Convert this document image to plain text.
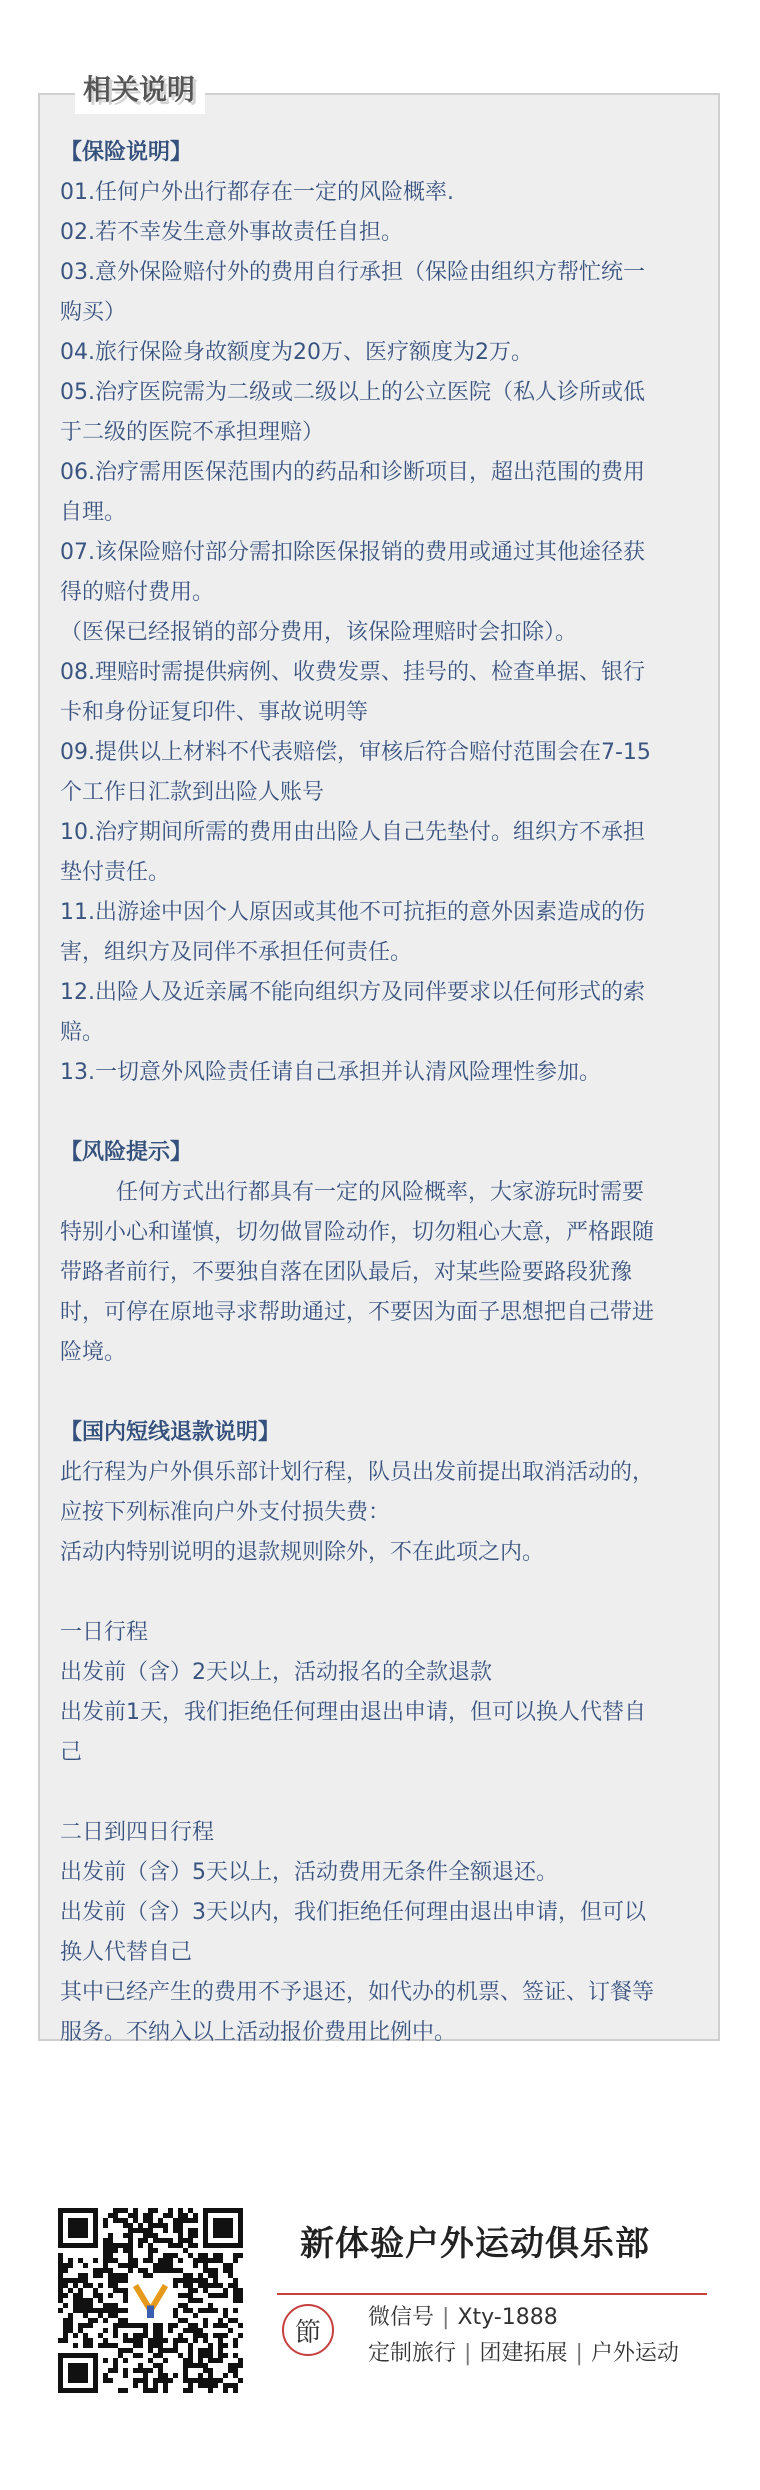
相关说明

【保险说明】

01.任何户外出行都存在一定的风险概率.

02.若不幸发生意外事故责任自担。

03.意外保险赔付外的费用自行承担（保险由组织方帮忙统一

购买）

04.旅行保险身故额度为20万、医疗额度为2万。

05.治疗医院需为二级或二级以上的公立医院（私人诊所或低

于二级的医院不承担理赔）

06.治疗需用医保范围内的药品和诊断项目，超出范围的费用

自理。

07.该保险赔付部分需扣除医保报销的费用或通过其他途径获

得的赔付费用。

（医保已经报销的部分费用，该保险理赔时会扣除）。

08.理赔时需提供病例、收费发票、挂号的、检查单据、银行

卡和身份证复印件、事故说明等

09.提供以上材料不代表赔偿，审核后符合赔付范围会在7-15

个工作日汇款到出险人账号

10.治疗期间所需的费用由出险人自己先垫付。组织方不承担

垫付责任。

11.出游途中因个人原因或其他不可抗拒的意外因素造成的伤

害，组织方及同伴不承担任何责任。

12.出险人及近亲属不能向组织方及同伴要求以任何形式的索

赔。

13.一切意外风险责任请自己承担并认清风险理性参加。

【风险提示】

任何方式出行都具有一定的风险概率，大家游玩时需要

特别小心和谨慎，切勿做冒险动作，切勿粗心大意，严格跟随

带路者前行，不要独自落在团队最后，对某些险要路段犹豫

时，可停在原地寻求帮助通过，不要因为面子思想把自己带进

险境。

【国内短线退款说明】

此行程为户外俱乐部计划行程，队员出发前提出取消活动的，

应按下列标准向户外支付损失费：

活动内特别说明的退款规则除外，不在此项之内。

一日行程

出发前（含）2天以上，活动报名的全款退款

出发前1天，我们拒绝任何理由退出申请，但可以换人代替自

己

二日到四日行程

出发前（含）5天以上，活动费用无条件全额退还。

出发前（含）3天以内，我们拒绝任何理由退出申请，但可以

换人代替自己

其中已经产生的费用不予退还，如代办的机票、签证、订餐等

服务。不纳入以上活动报价费用比例中。

新体验户外运动俱乐部
節	微信号 | Xty-1888
定制旅行 | 团建拓展 | 户外运动
